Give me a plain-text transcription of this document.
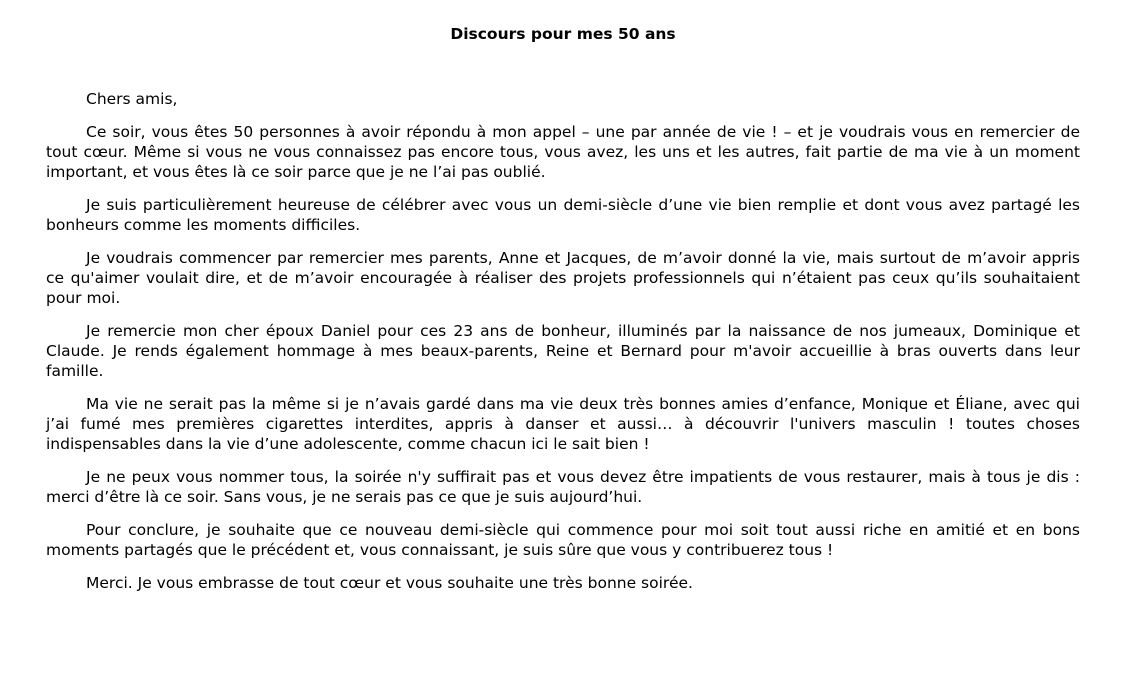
Discours pour mes 50 ans

Chers amis,

Ce soir, vous êtes 50 personnes à avoir répondu à mon appel – une par année de vie ! – et je voudrais vous en remercier de tout cœur. Même si vous ne vous connaissez pas encore tous, vous avez, les uns et les autres, fait partie de ma vie à un moment important, et vous êtes là ce soir parce que je ne l’ai pas oublié.

Je suis particulièrement heureuse de célébrer avec vous un demi-siècle d’une vie bien remplie et dont vous avez partagé les bonheurs comme les moments difficiles.

Je voudrais commencer par remercier mes parents, Anne et Jacques, de m’avoir donné la vie, mais surtout de m’avoir appris ce qu'aimer voulait dire, et de m’avoir encouragée à réaliser des projets professionnels qui n’étaient pas ceux qu’ils souhaitaient pour moi.

Je remercie mon cher époux Daniel pour ces 23 ans de bonheur, illuminés par la naissance de nos jumeaux, Dominique et Claude. Je rends également hommage à mes beaux-parents, Reine et Bernard pour m'avoir accueillie à bras ouverts dans leur famille.

Ma vie ne serait pas la même si je n’avais gardé dans ma vie deux très bonnes amies d’enfance, Monique et Éliane, avec qui j’ai fumé mes premières cigarettes interdites, appris à danser et aussi… à découvrir l'univers masculin ! toutes choses indispensables dans la vie d’une adolescente, comme chacun ici le sait bien !

Je ne peux vous nommer tous, la soirée n'y suffirait pas et vous devez être impatients de vous restaurer, mais à tous je dis : merci d’être là ce soir. Sans vous, je ne serais pas ce que je suis aujourd’hui.

Pour conclure, je souhaite que ce nouveau demi-siècle qui commence pour moi soit tout aussi riche en amitié et en bons moments partagés que le précédent et, vous connaissant, je suis sûre que vous y contribuerez tous !

Merci. Je vous embrasse de tout cœur et vous souhaite une très bonne soirée.
